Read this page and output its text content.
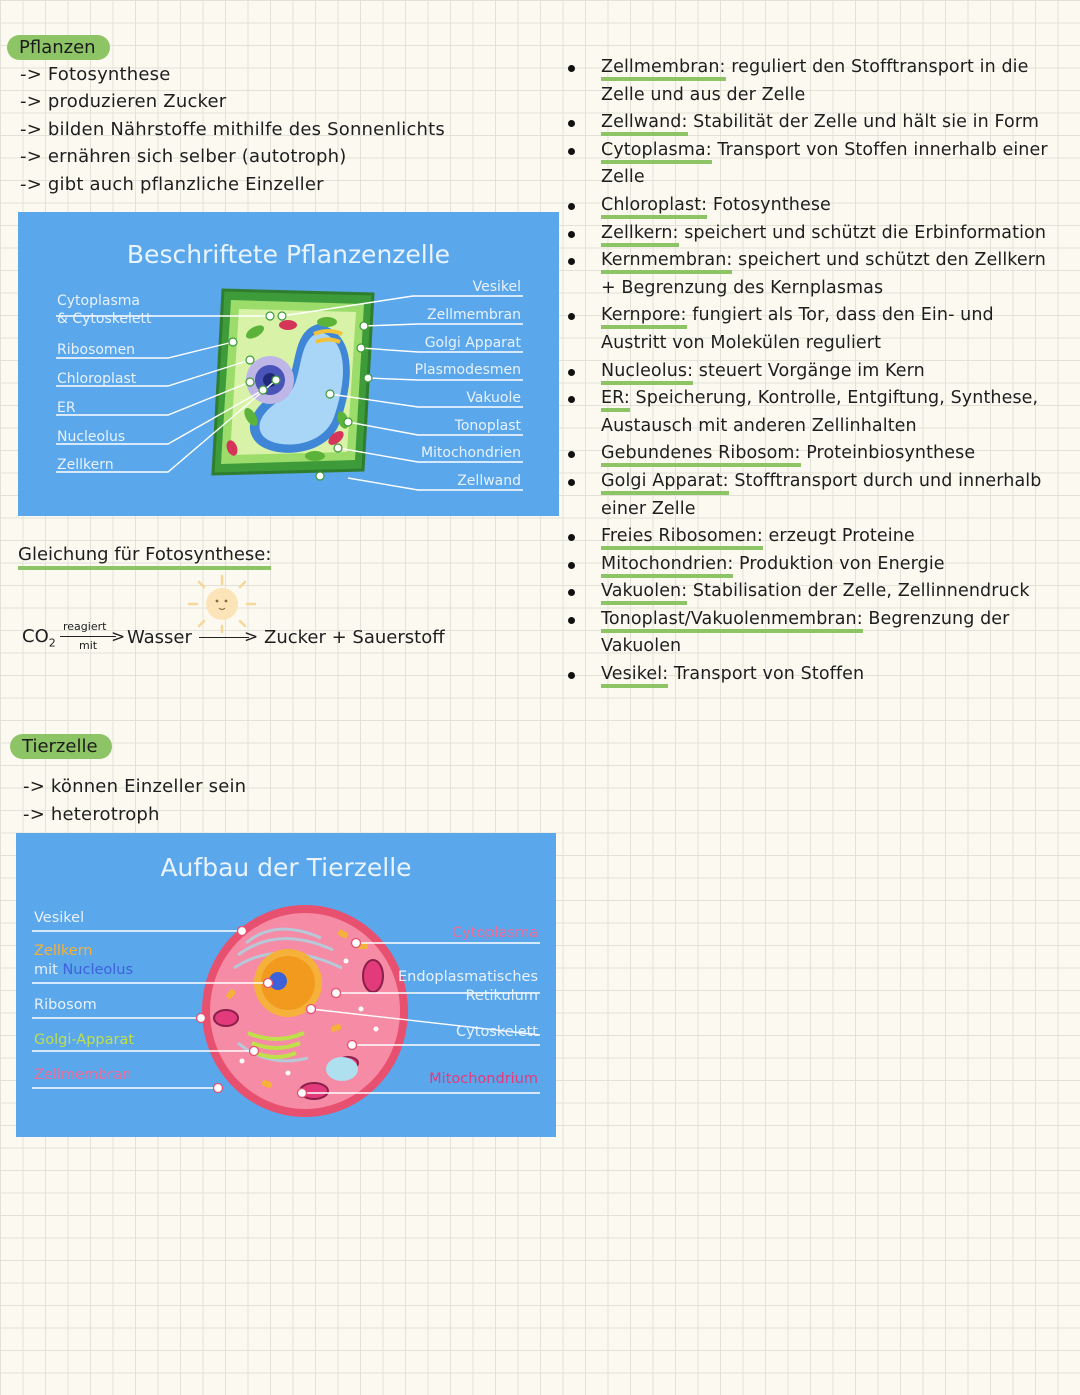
Pflanzen
-> Fotosynthese
-> produzieren Zucker
-> bilden Nährstoffe mithilfe des Sonnenlichts
-> ernähren sich selber (autotroph)
-> gibt auch pflanzliche Einzeller
Beschriftete Pflanzenzelle
Cytoplasma
& Cytoskelett
Ribosomen
Chloroplast
ER
Nucleolus
Zellkern
Vesikel
Zellmembran
Golgi Apparat
Plasmodesmen
Vakuole
Tonoplast
Mitochondrien
Zellwand
Gleichung für Fotosynthese:
$CO_2$
reagiert
>
mit Wasser	> Zucker + Sauerstoff
Tierzelle
-> können Einzeller sein
-> heterotroph
Aufbau der Tierzelle
Vesikel
Zellkern
mit Nucleolus
Ribosom
Golgi-Apparat
Zellmembran
Cytoplasma
Endoplasmatisches
Retikulum
Cytoskelett
Mitochondrium
Zellmembran: reguliert den Stofftransport in die
Zelle und aus der Zelle
Zellwand: Stabilität der Zelle und hält sie in Form
Cytoplasma: Transport von Stoffen innerhalb einer
Zelle
Chloroplast: Fotosynthese
Zellkern: speichert und schützt die Erbinformation
Kernmembran: speichert und schützt den Zellkern
+ Begrenzung des Kernplasmas
Kernpore: fungiert als Tor, dass den Ein- und
Austritt von Molekülen reguliert
Nucleolus: steuert Vorgänge im Kern
ER: Speicherung, Kontrolle, Entgiftung, Synthese,
Austausch mit anderen Zellinhalten
Gebundenes Ribosom: Proteinbiosynthese
Golgi Apparat: Stofftransport durch und innerhalb
einer Zelle
Freies Ribosomen: erzeugt Proteine
Mitochondrien: Produktion von Energie
Vakuolen: Stabilisation der Zelle, Zellinnendruck
Tonoplast/Vakuolenmembran: Begrenzung der
Vakuolen
Vesikel: Transport von Stoffen
